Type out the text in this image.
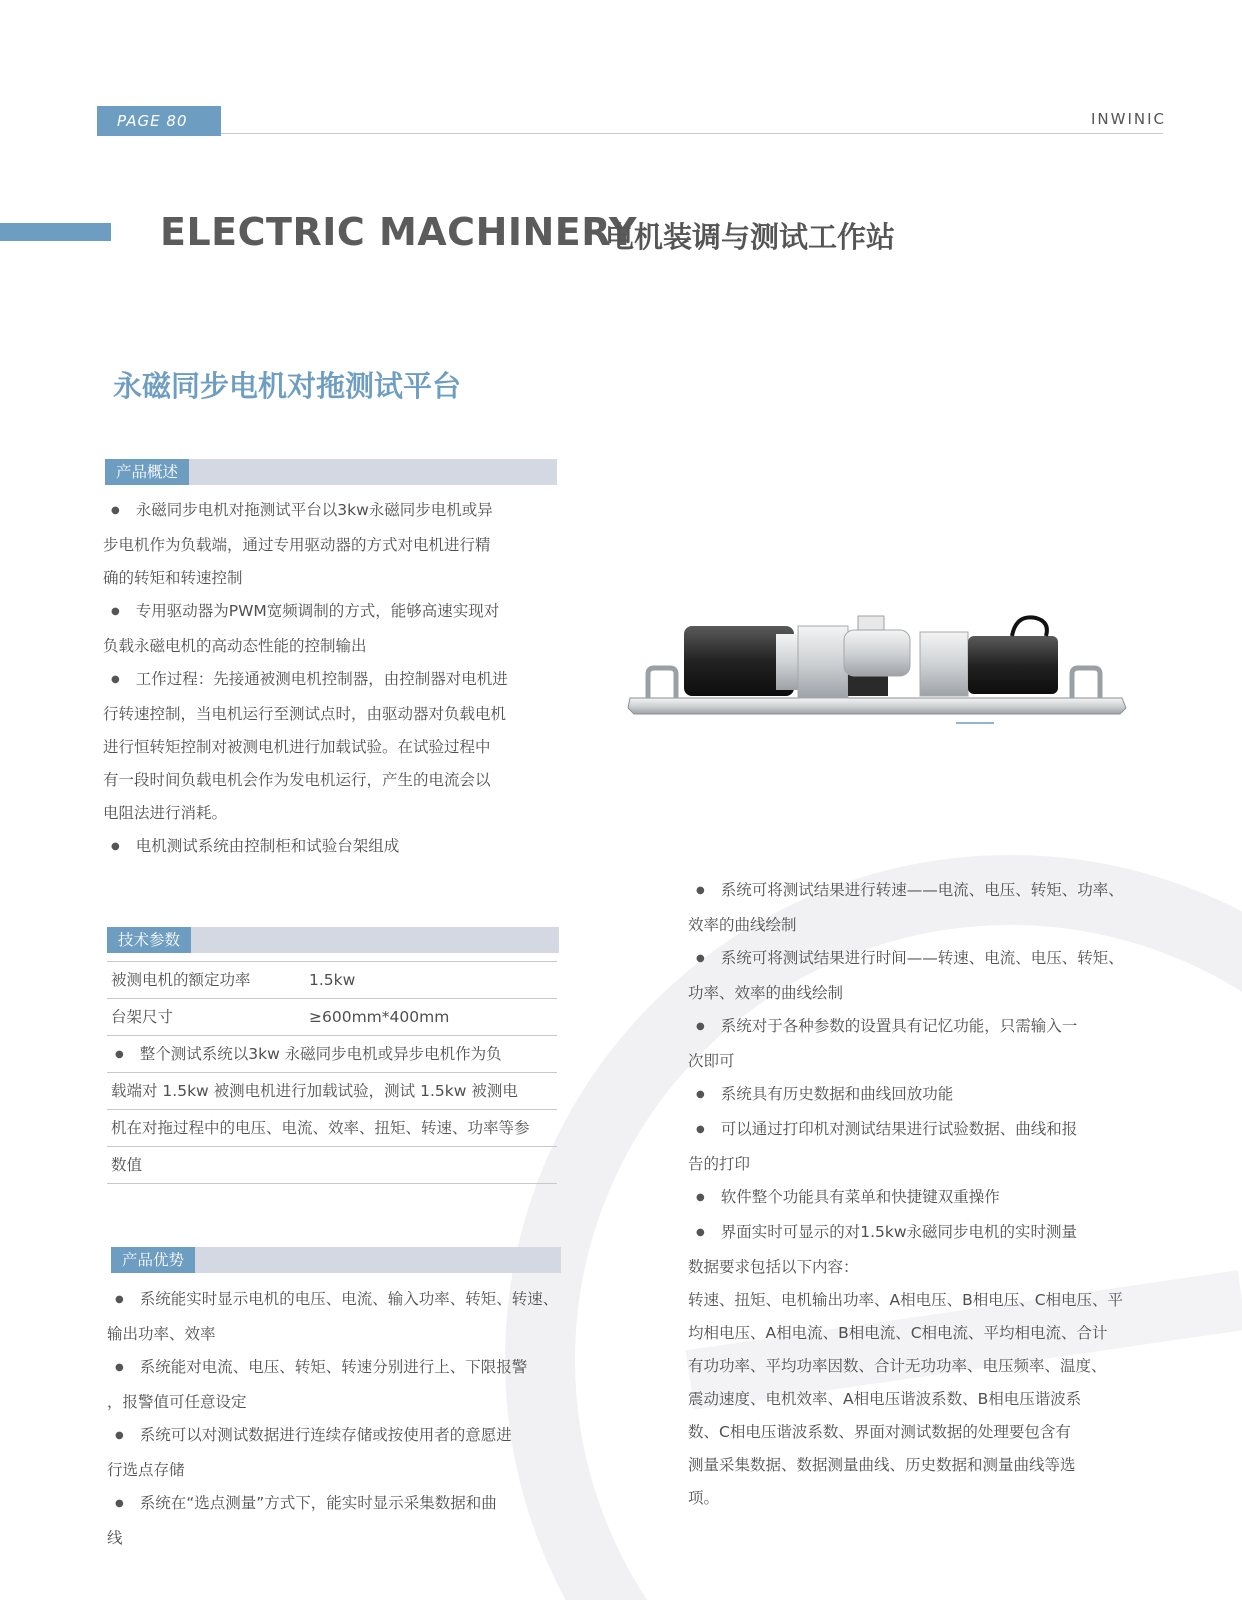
PAGE 80	INWINIC
ELECTRIC MACHINERY
电机装调与测试工作站
永磁同步电机对拖测试平台
产品概述

● 永磁同步电机对拖测试平台以3kw永磁同步电机或异

步电机作为负载端，通过专用驱动器的方式对电机进行精

确的转矩和转速控制

● 专用驱动器为PWM宽频调制的方式，能够高速实现对

负载永磁电机的高动态性能的控制输出

● 工作过程：先接通被测电机控制器，由控制器对电机进

行转速控制，当电机运行至测试点时，由驱动器对负载电机

进行恒转矩控制对被测电机进行加载试验。在试验过程中

有一段时间负载电机会作为发电机运行，产生的电流会以

电阻法进行消耗。

● 电机测试系统由控制柜和试验台架组成

技术参数
被测电机的额定功率	1.5kw
台架尺寸	≥600mm*400mm
● 整个测试系统以3kw 永磁同步电机或异步电机作为负
载端对 1.5kw 被测电机进行加载试验，测试 1.5kw 被测电
机在对拖过程中的电压、电流、效率、扭矩、转速、功率等参
数值
产品优势

● 系统能实时显示电机的电压、电流、输入功率、转矩、转速、

输出功率、效率

● 系统能对电流、电压、转矩、转速分别进行上、下限报警

，报警值可任意设定

● 系统可以对测试数据进行连续存储或按使用者的意愿进

行选点存储

● 系统在“选点测量”方式下，能实时显示采集数据和曲

线

● 系统可将测试结果进行转速——电流、电压、转矩、功率、

效率的曲线绘制

● 系统可将测试结果进行时间——转速、电流、电压、转矩、

功率、效率的曲线绘制

● 系统对于各种参数的设置具有记忆功能，只需输入一

次即可

● 系统具有历史数据和曲线回放功能

● 可以通过打印机对测试结果进行试验数据、曲线和报

告的打印

● 软件整个功能具有菜单和快捷键双重操作

● 界面实时可显示的对1.5kw永磁同步电机的实时测量

数据要求包括以下内容：

转速、扭矩、电机输出功率、A相电压、B相电压、C相电压、平

均相电压、A相电流、B相电流、C相电流、平均相电流、合计

有功功率、平均功率因数、合计无功功率、电压频率、温度、

震动速度、电机效率、A相电压谐波系数、B相电压谐波系

数、C相电压谐波系数、界面对测试数据的处理要包含有

测量采集数据、数据测量曲线、历史数据和测量曲线等选

项。
